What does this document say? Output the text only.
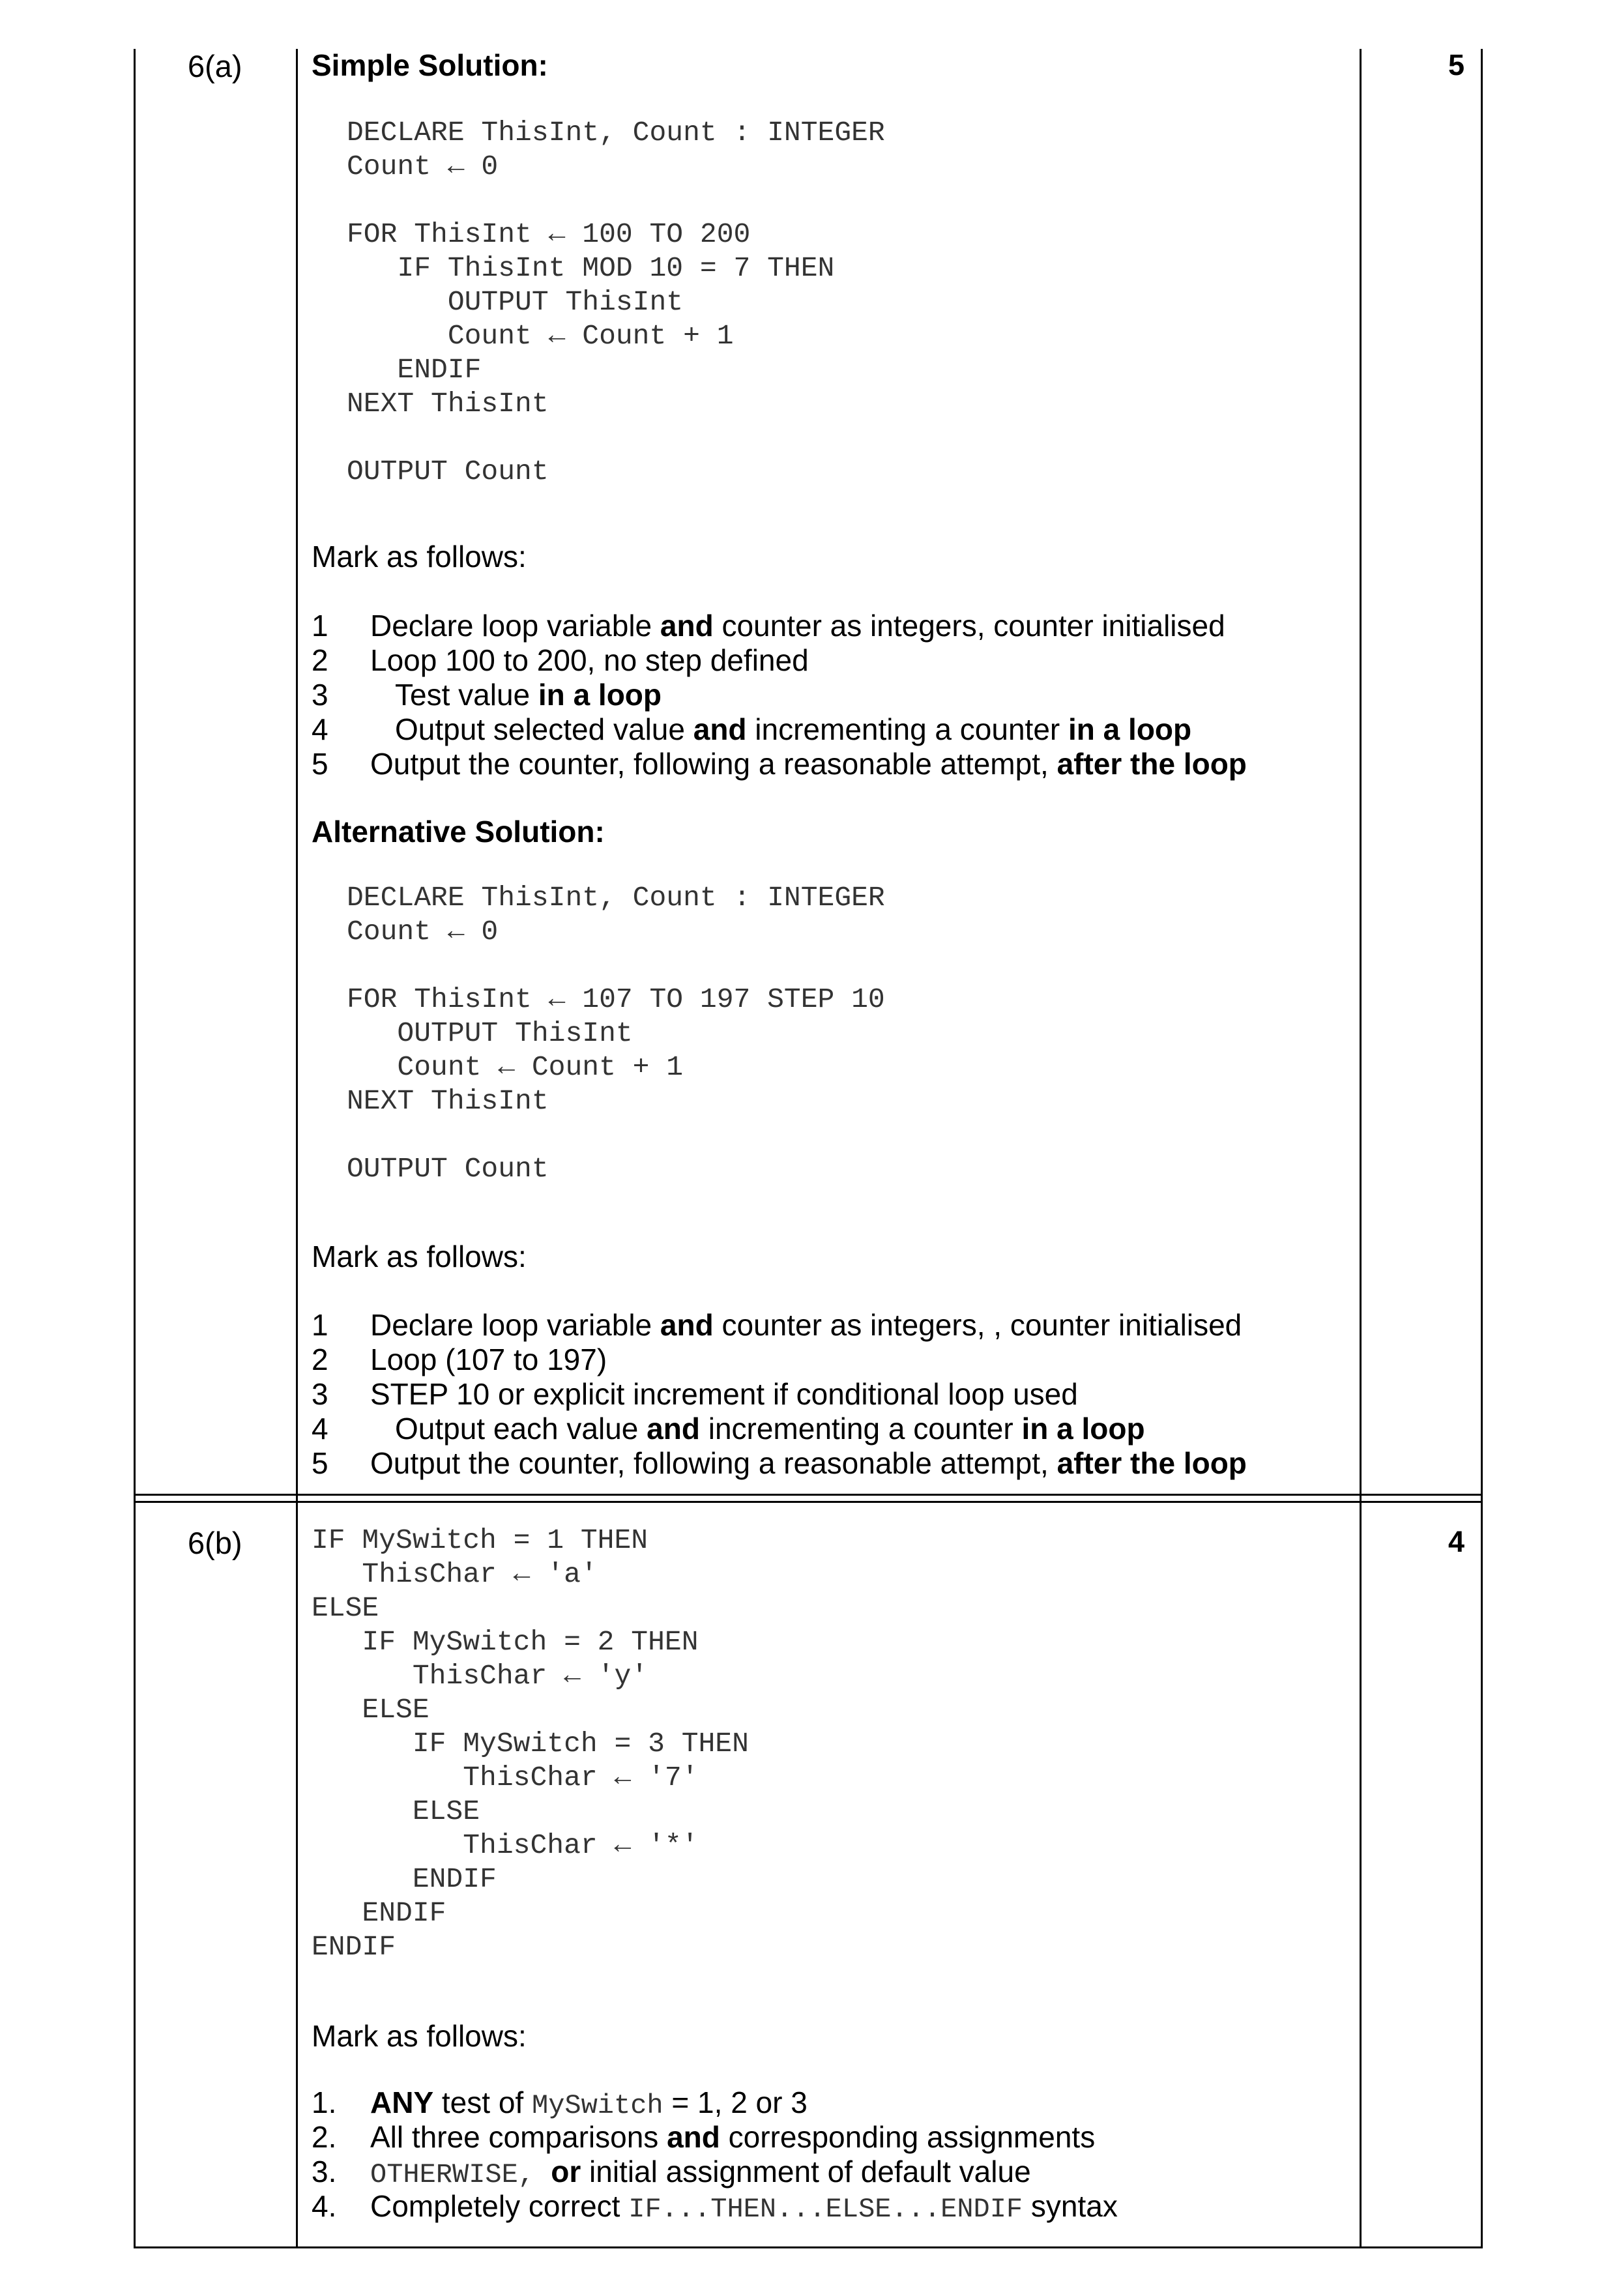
6(a)	5
Simple Solution:
DECLARE ThisInt, Count : INTEGER
Count ← 0
FOR ThisInt ← 100 TO 200
IF ThisInt MOD 10 = 7 THEN
OUTPUT ThisInt
Count ← Count + 1
ENDIF
NEXT ThisInt
OUTPUT Count
Mark as follows:
1 Declare loop variable and counter as integers, counter initialised
2 Loop 100 to 200, no step defined
3 Test value in a loop
4 Output selected value and incrementing a counter in a loop
5 Output the counter, following a reasonable attempt, after the loop
Alternative Solution:
DECLARE ThisInt, Count : INTEGER
Count ← 0
FOR ThisInt ← 107 TO 197 STEP 10
OUTPUT ThisInt
Count ← Count + 1
NEXT ThisInt
OUTPUT Count
Mark as follows:
1 Declare loop variable and counter as integers, , counter initialised
2 Loop (107 to 197)
3 STEP 10 or explicit increment if conditional loop used
4 Output each value and incrementing a counter in a loop
5 Output the counter, following a reasonable attempt, after the loop
6(b)	4
IF MySwitch = 1 THEN
ThisChar ← 'a'
ELSE
IF MySwitch = 2 THEN
ThisChar ← 'y'
ELSE
IF MySwitch = 3 THEN
ThisChar ← '7'
ELSE
ThisChar ← '*'
ENDIF
ENDIF
ENDIF
Mark as follows:
1. ANY test of MySwitch = 1, 2 or 3
2. All three comparisons and corresponding assignments
3. OTHERWISE, or initial assignment of default value
4. Completely correct IF...THEN...ELSE...ENDIF syntax
